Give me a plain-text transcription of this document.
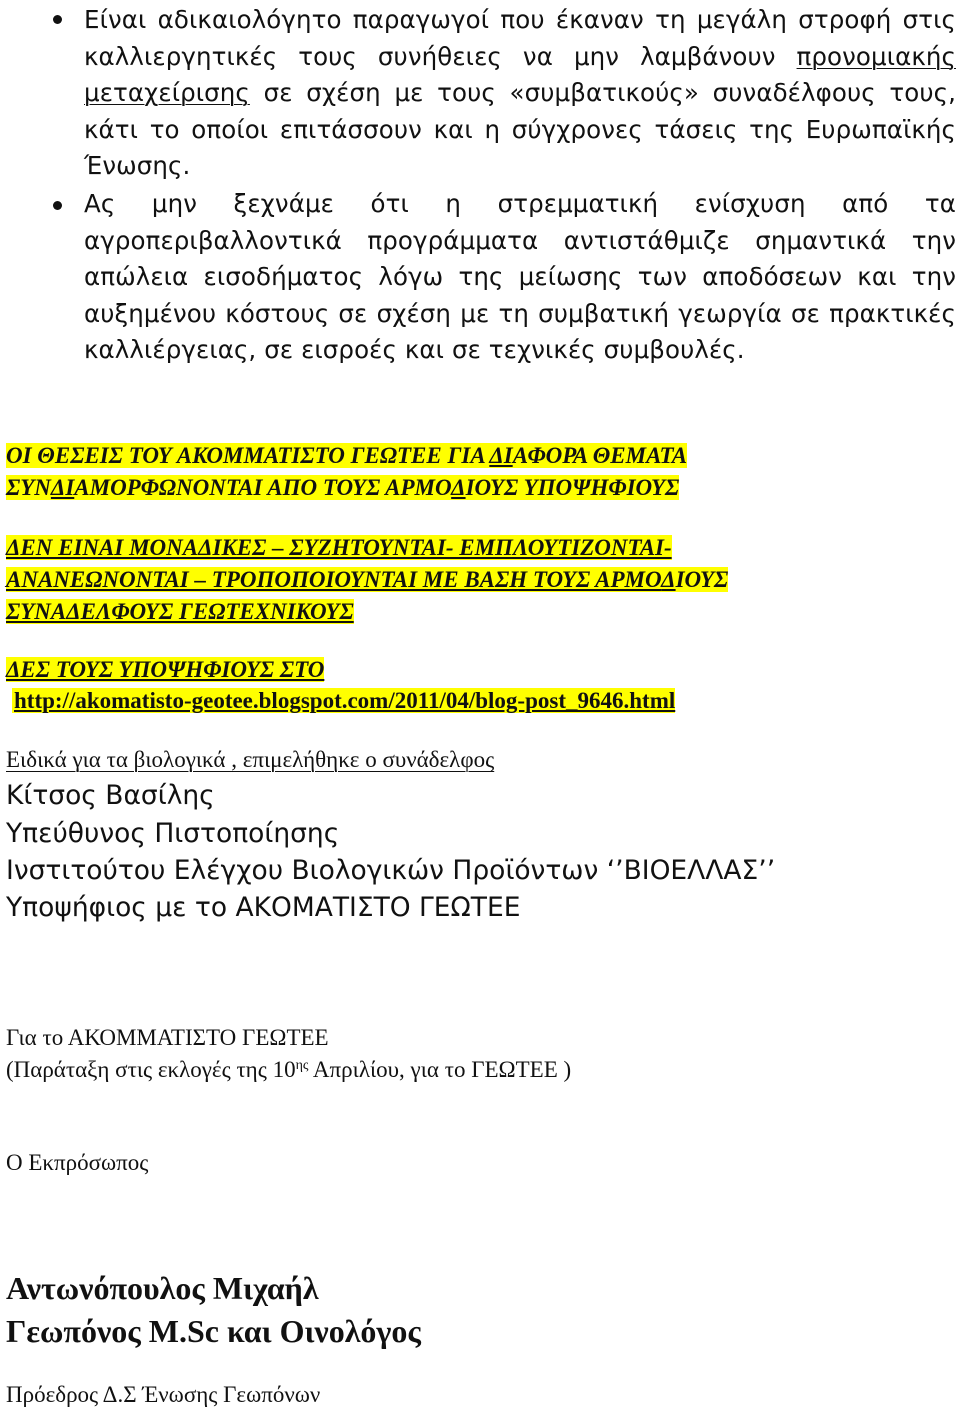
Είναι αδικαιολόγητο παραγωγοί που έκαναν τη μεγάλη στροφή στις καλλιεργητικές τους συνήθειες να μην λαμβάνουν προνομιακής μεταχείρισης σε σχέση με τους «συμβατικούς» συναδέλφους τους, κάτι το οποίοι επιτάσσουν και η σύγχρονες τάσεις της Ευρωπαϊκής Ένωσης.
Ας μην ξεχνάμε ότι η στρεμματική ενίσχυση από τα αγροπεριβαλλοντικά προγράμματα αντιστάθμιζε σημαντικά την απώλεια εισοδήματος λόγω της μείωσης των αποδόσεων και την αυξημένου κόστους σε σχέση με τη συμβατική γεωργία σε πρακτικές καλλιέργειας, σε εισροές και σε τεχνικές συμβουλές.
ΟΙ ΘΕΣΕΙΣ ΤΟΥ ΑΚΟΜΜΑΤΙΣΤΟ ΓΕΩΤΕΕ ΓΙΑ ΔΙΑΦΟΡΑ ΘΕΜΑΤΑ
ΣΥΝΔΙΑΜΟΡΦΩΝΟΝΤΑΙ ΑΠΟ ΤΟΥΣ ΑΡΜΟΔΙΟΥΣ ΥΠΟΨΗΦΙΟΥΣ
ΔΕΝ ΕΙΝΑΙ ΜΟΝΑΔΙΚΕΣ – ΣΥΖΗΤΟΥΝΤΑΙ- ΕΜΠΛΟΥΤΙΖΟΝΤΑΙ-
ΑΝΑΝΕΩΝΟΝΤΑΙ – ΤΡΟΠΟΠΟΙΟΥΝΤΑΙ ΜΕ ΒΑΣΗ ΤΟΥΣ ΑΡΜΟΔΙΟΥΣ
ΣΥΝΑΔΕΛΦΟΥΣ ΓΕΩΤΕΧΝΙΚΟΥΣ
ΔΕΣ ΤΟΥΣ ΥΠΟΨΗΦΙΟΥΣ ΣΤΟ
http://akomatisto-geotee.blogspot.com/2011/04/blog-post_9646.html
Ειδικά για τα βιολογικά , επιμελήθηκε ο συνάδελφος
Κίτσος Βασίλης
Υπεύθυνος Πιστοποίησης
Ινστιτούτου Ελέγχου Βιολογικών Προϊόντων ‘’ΒΙΟΕΛΛΑΣ’’
Υποψήφιος με το ΑΚΟΜΑΤΙΣΤΟ ΓΕΩΤΕΕ
Για το ΑΚΟΜΜΑΤΙΣΤΟ ΓΕΩΤΕΕ
(Παράταξη στις εκλογές της $10^{\eta\varsigma}$ Απριλίου, για το ΓΕΩΤΕΕ )
Ο Εκπρόσωπος
Αντωνόπουλος Μιχαήλ
Γεωπόνος M.Sc και Οινολόγος
Πρόεδρος Δ.Σ Ένωσης Γεωπόνων
